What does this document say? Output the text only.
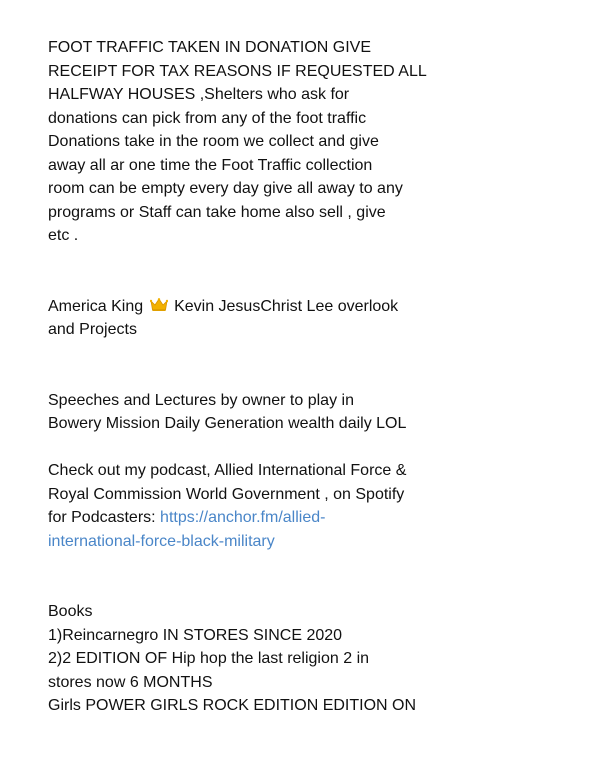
FOOT TRAFFIC TAKEN IN DONATION GIVE
RECEIPT FOR TAX REASONS IF REQUESTED ALL
HALFWAY HOUSES ,Shelters who ask for
donations can pick from any of the foot traffic
Donations take in the room we collect and give
away all ar one time the Foot Traffic collection
room can be empty every day give all away to any
programs or Staff can take home also sell , give
etc .

America King Kevin JesusChrist Lee overlook
and Projects

Speeches and Lectures by owner to play in
Bowery Mission Daily Generation wealth daily LOL

Check out my podcast, Allied International Force &
Royal Commission World Government , on Spotify
for Podcasters: https://anchor.fm/allied-
international-force-black-military

Books
1)Reincarnegro IN STORES SINCE 2020
2)2 EDITION OF Hip hop the last religion 2 in
stores now 6 MONTHS
Girls POWER GIRLS ROCK EDITION EDITION ON
